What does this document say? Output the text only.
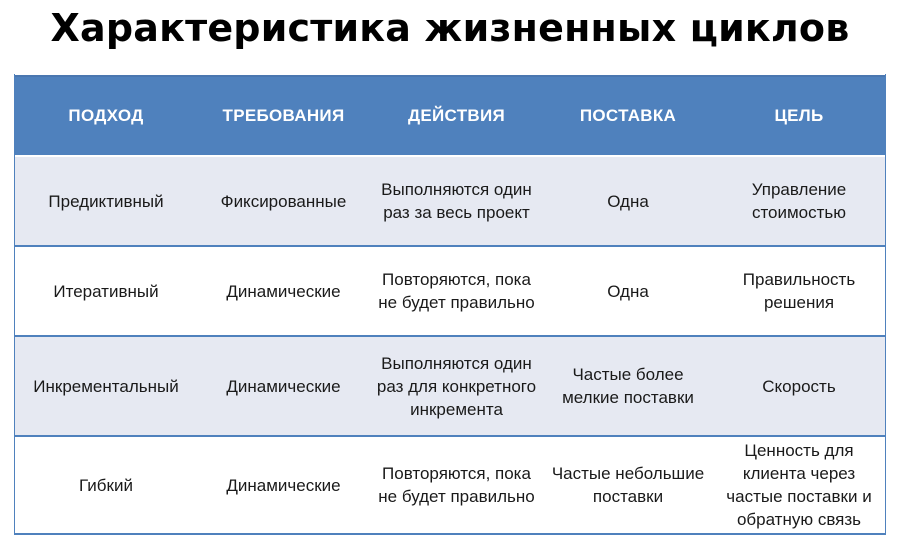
Характеристика жизненных циклов
ПОДХОД	ТРЕБОВАНИЯ	ДЕЙСТВИЯ	ПОСТАВКА	ЦЕЛЬ
Предиктивный	Фиксированные	Выполняются один раз за весь проект	Одна	Управление стоимостью
Итеративный	Динамические	Повторяются, пока не будет правильно	Одна	Правильность решения
Инкрементальный	Динамические	Выполняются один раз для конкретного инкремента	Частые более мелкие поставки	Скорость
Гибкий	Динамические	Повторяются, пока не будет правильно	Частые небольшие поставки	Ценность для клиента через частые поставки и обратную связь
